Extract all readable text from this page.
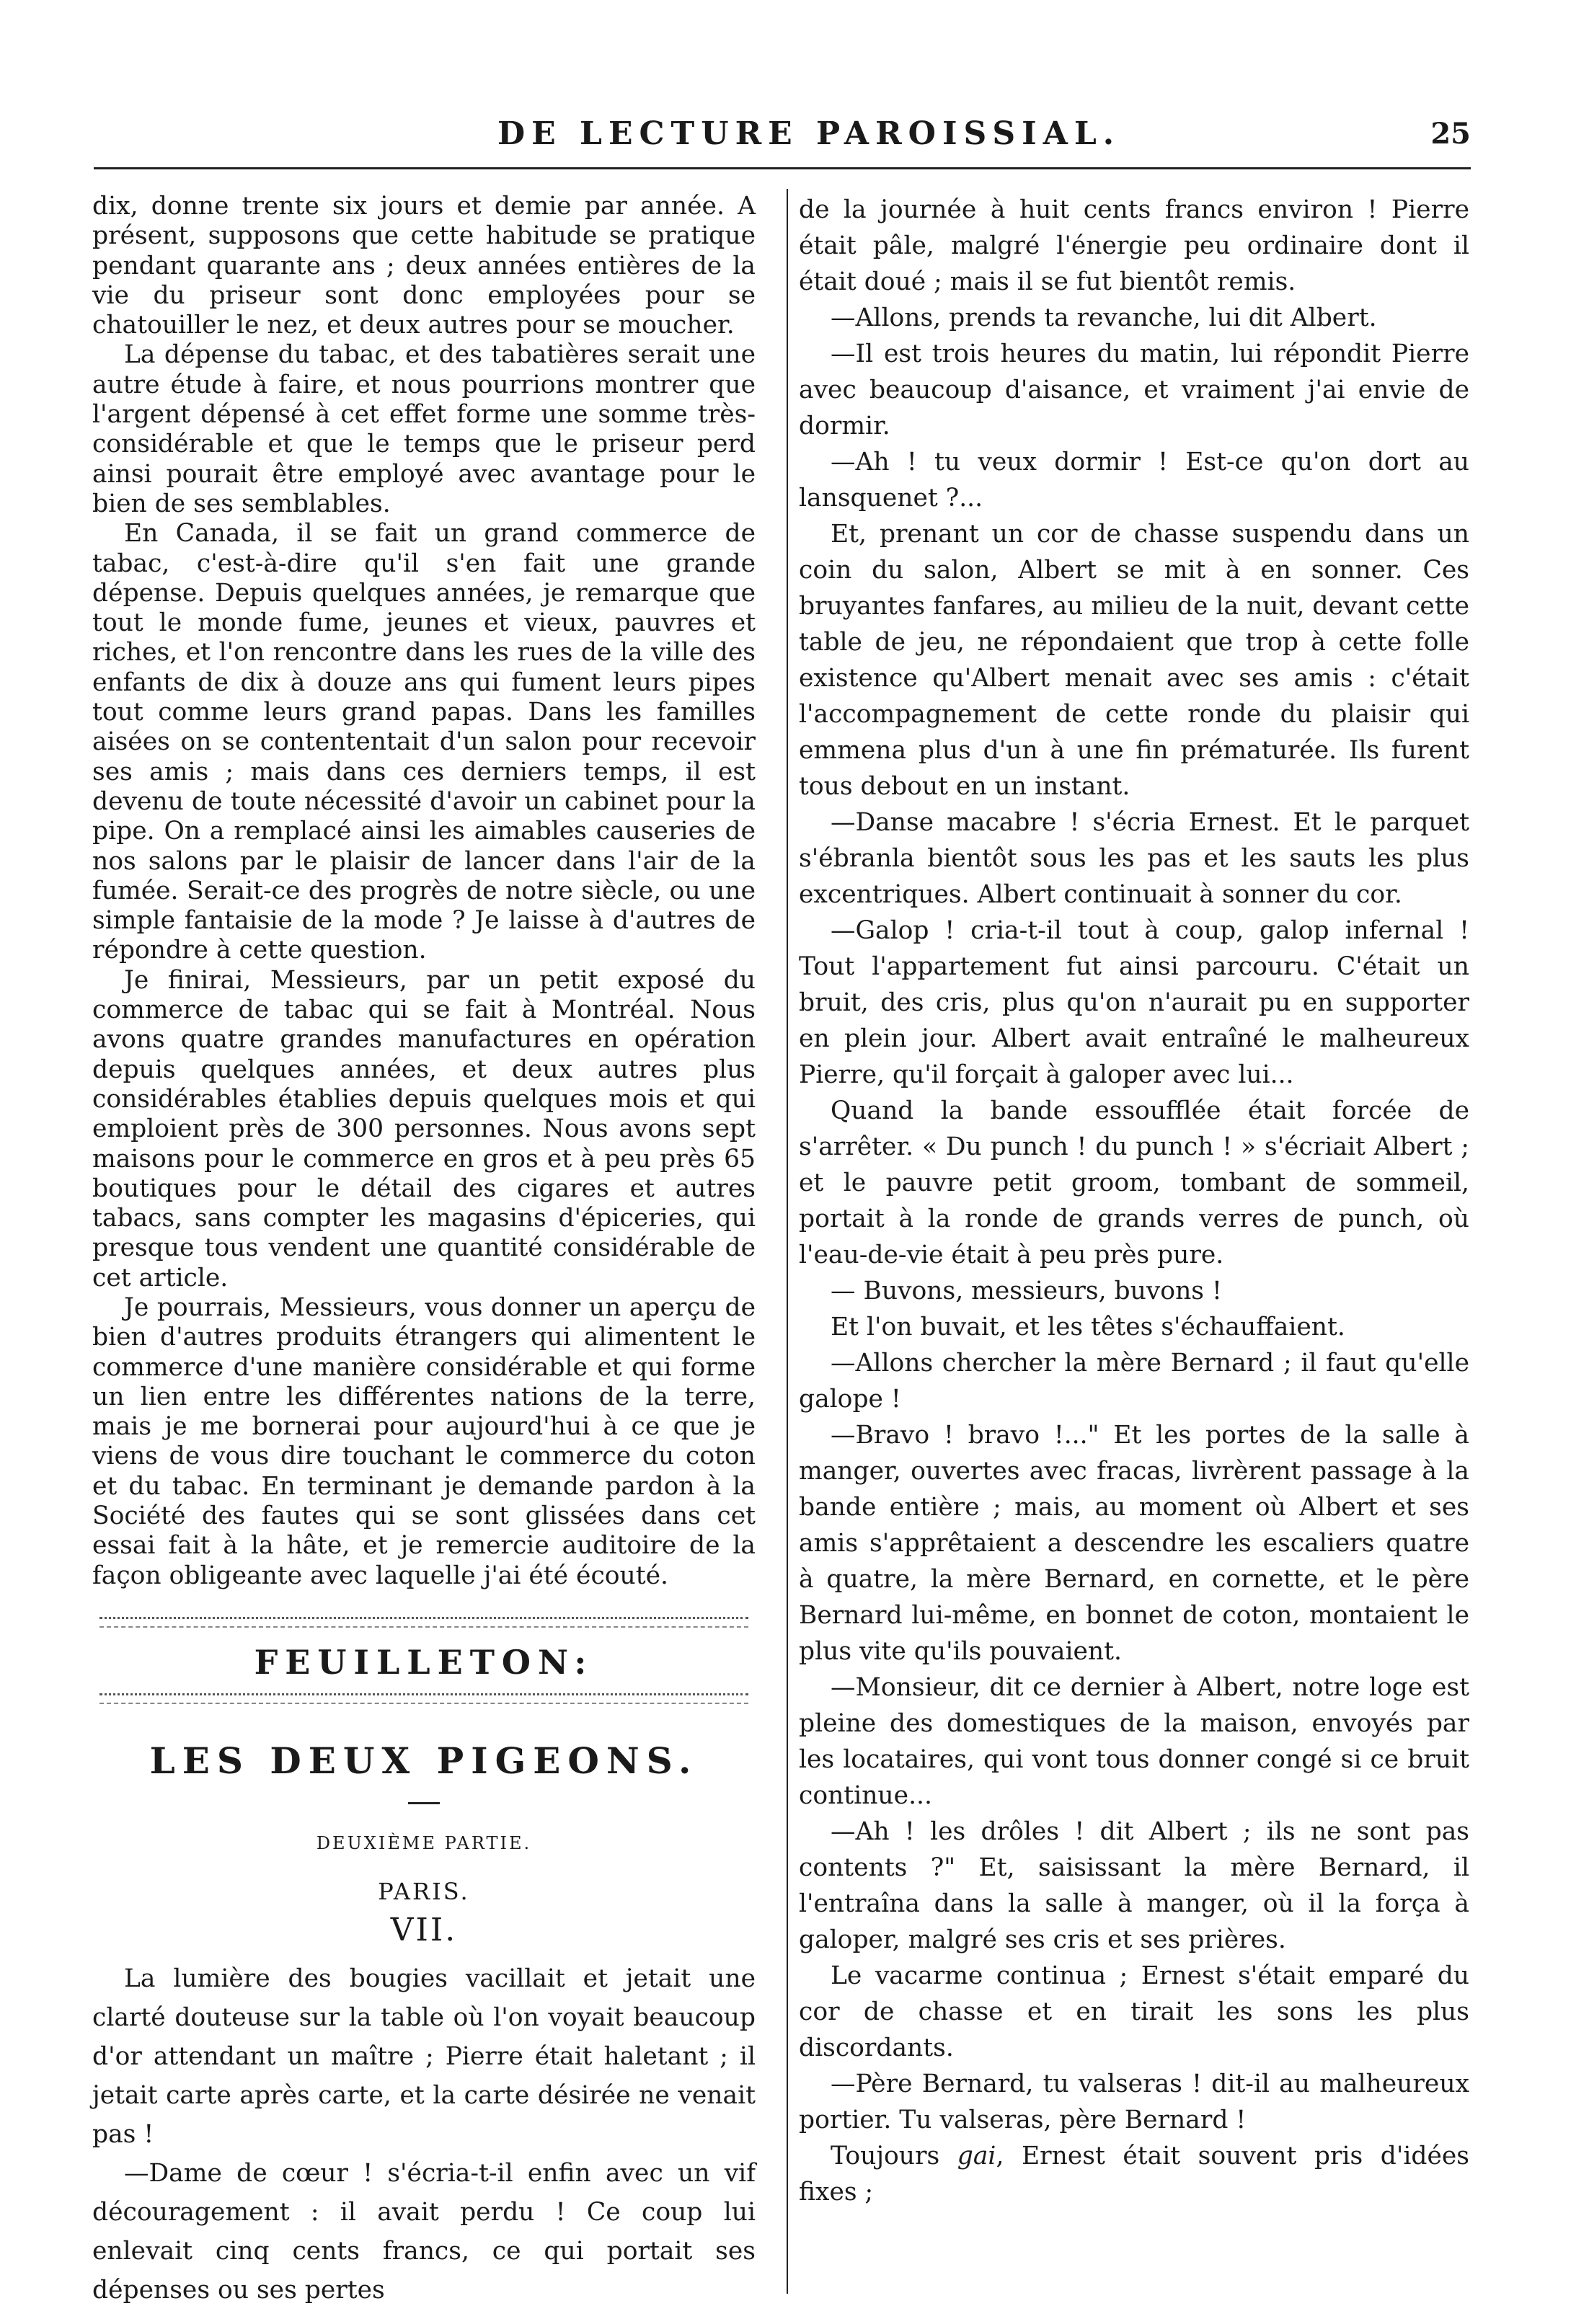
DE LECTURE PAROISSIAL.	25

dix, donne trente six jours et demie par année. A présent, supposons que cette habitude se pratique pendant quarante ans ; deux années entières de la vie du priseur sont donc employées pour se chatouiller le nez, et deux autres pour se moucher.

La dépense du tabac, et des tabatières serait une autre étude à faire, et nous pourrions montrer que l'argent dépensé à cet effet forme une somme très-considérable et que le temps que le priseur perd ainsi pourait être employé avec avantage pour le bien de ses semblables.

En Canada, il se fait un grand commerce de tabac, c'est-à-dire qu'il s'en fait une grande dépense. Depuis quelques années, je remarque que tout le monde fume, jeunes et vieux, pauvres et riches, et l'on rencontre dans les rues de la ville des enfants de dix à douze ans qui fument leurs pipes tout comme leurs grand papas. Dans les familles aisées on se contententait d'un salon pour recevoir ses amis ; mais dans ces derniers temps, il est devenu de toute nécessité d'avoir un cabinet pour la pipe. On a remplacé ainsi les aimables causeries de nos salons par le plaisir de lancer dans l'air de la fumée. Serait-ce des progrès de notre siècle, ou une simple fantaisie de la mode ? Je laisse à d'autres de répondre à cette question.

Je finirai, Messieurs, par un petit exposé du commerce de tabac qui se fait à Montréal. Nous avons quatre grandes manufactures en opération depuis quelques années, et deux autres plus considérables établies depuis quelques mois et qui emploient près de 300 personnes. Nous avons sept maisons pour le commerce en gros et à peu près 65 boutiques pour le détail des cigares et autres tabacs, sans compter les magasins d'épiceries, qui presque tous vendent une quantité considérable de cet article.

Je pourrais, Messieurs, vous donner un aperçu de bien d'autres produits étrangers qui alimentent le commerce d'une manière considérable et qui forme un lien entre les différentes nations de la terre, mais je me bornerai pour aujourd'hui à ce que je viens de vous dire touchant le commerce du coton et du tabac. En terminant je demande pardon à la Société des fautes qui se sont glissées dans cet essai fait à la hâte, et je remercie auditoire de la façon obligeante avec laquelle j'ai été écouté.

FEUILLETON:
LES DEUX PIGEONS.
DEUXIÈME PARTIE.
PARIS.
VII.

La lumière des bougies vacillait et jetait une clarté douteuse sur la table où l'on voyait beaucoup d'or attendant un maître ; Pierre était haletant ; il jetait carte après carte, et la carte désirée ne venait pas !

—Dame de cœur ! s'écria-t-il enfin avec un vif découragement : il avait perdu ! Ce coup lui enlevait cinq cents francs, ce qui portait ses dépenses ou ses pertes

de la journée à huit cents francs environ ! Pierre était pâle, malgré l'énergie peu ordinaire dont il était doué ; mais il se fut bientôt remis.

—Allons, prends ta revanche, lui dit Albert.

—Il est trois heures du matin, lui répondit Pierre avec beaucoup d'aisance, et vraiment j'ai envie de dormir.

—Ah ! tu veux dormir ! Est-ce qu'on dort au lansquenet ?...

Et, prenant un cor de chasse suspendu dans un coin du salon, Albert se mit à en sonner. Ces bruyantes fanfares, au milieu de la nuit, devant cette table de jeu, ne répondaient que trop à cette folle existence qu'Albert menait avec ses amis : c'était l'accompagnement de cette ronde du plaisir qui emmena plus d'un à une fin prématurée. Ils furent tous debout en un instant.

—Danse macabre ! s'écria Ernest. Et le parquet s'ébranla bientôt sous les pas et les sauts les plus excentriques. Albert continuait à sonner du cor.

—Galop ! cria-t-il tout à coup, galop infernal ! Tout l'appartement fut ainsi parcouru. C'était un bruit, des cris, plus qu'on n'aurait pu en supporter en plein jour. Albert avait entraîné le malheureux Pierre, qu'il forçait à galoper avec lui...

Quand la bande essoufflée était forcée de s'arrêter. « Du punch ! du punch ! » s'écriait Albert ; et le pauvre petit groom, tombant de sommeil, portait à la ronde de grands verres de punch, où l'eau-de-vie était à peu près pure.

— Buvons, messieurs, buvons !

Et l'on buvait, et les têtes s'échauffaient.

—Allons chercher la mère Bernard ; il faut qu'elle galope !

—Bravo ! bravo !..." Et les portes de la salle à manger, ouvertes avec fracas, livrèrent passage à la bande entière ; mais, au moment où Albert et ses amis s'apprêtaient a descendre les escaliers quatre à quatre, la mère Bernard, en cornette, et le père Bernard lui-même, en bonnet de coton, montaient le plus vite qu'ils pouvaient.

—Monsieur, dit ce dernier à Albert, notre loge est pleine des domestiques de la maison, envoyés par les locataires, qui vont tous donner congé si ce bruit continue...

—Ah ! les drôles ! dit Albert ; ils ne sont pas contents ?" Et, saisissant la mère Bernard, il l'entraîna dans la salle à manger, où il la força à galoper, malgré ses cris et ses prières.

Le vacarme continua ; Ernest s'était emparé du cor de chasse et en tirait les sons les plus discordants.

—Père Bernard, tu valseras ! dit-il au malheureux portier. Tu valseras, père Bernard !

Toujours gai, Ernest était souvent pris d'idées fixes ;
